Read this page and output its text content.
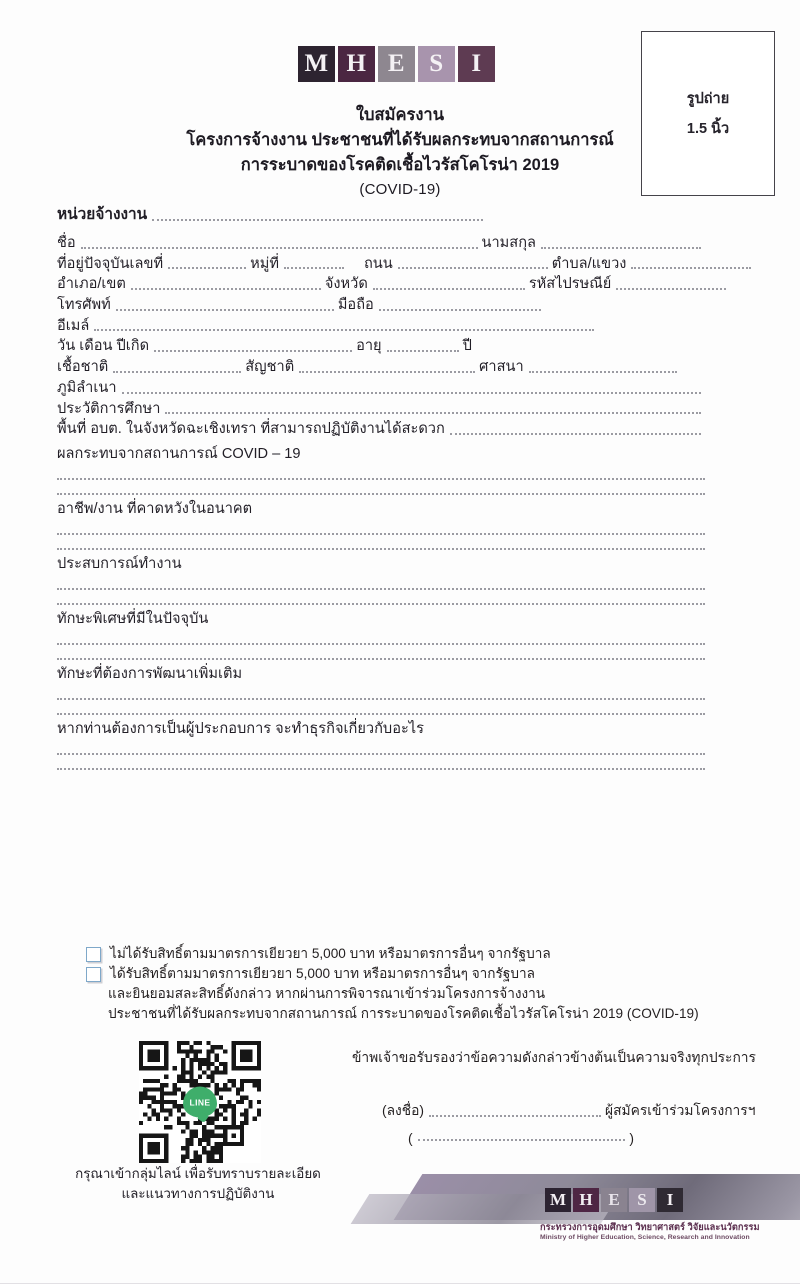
M H E S	I
ใบสมัครงาน
โครงการจ้างงาน ประชาชนที่ได้รับผลกระทบจากสถานการณ์
การระบาดของโรคติดเชื้อไวรัสโคโรน่า 2019
(COVID-19)
รูปถ่าย
1.5 นิ้ว
หน่วยจ้างงาน
ชื่อ	นามสกุล
ที่อยู่ปัจจุบันเลขที่	หมู่ที่	ถนน	ตำบล/แขวง
อำเภอ/เขต	จังหวัด	รหัสไปรษณีย์
โทรศัพท์	มือถือ
อีเมล์
วัน เดือน ปีเกิด	อายุ	ปี
เชื้อชาติ	สัญชาติ	ศาสนา
ภูมิลำเนา
ประวัติการศึกษา
พื้นที่ อบต. ในจังหวัดฉะเชิงเทรา ที่สามารถปฏิบัติงานได้สะดวก
ผลกระทบจากสถานการณ์ COVID – 19
อาชีพ/งาน ที่คาดหวังในอนาคต
ประสบการณ์ทำงาน
ทักษะพิเศษที่มีในปัจจุบัน
ทักษะที่ต้องการพัฒนาเพิ่มเติม
หากท่านต้องการเป็นผู้ประกอบการ จะทำธุรกิจเกี่ยวกับอะไร
ไม่ได้รับสิทธิ์ตามมาตรการเยียวยา 5,000 บาท หรือมาตรการอื่นๆ จากรัฐบาล
ได้รับสิทธิ์ตามมาตรการเยียวยา 5,000 บาท หรือมาตรการอื่นๆ จากรัฐบาล
และยินยอมสละสิทธิ์ดังกล่าว หากผ่านการพิจารณาเข้าร่วมโครงการจ้างงาน
ประชาชนที่ได้รับผลกระทบจากสถานการณ์ การระบาดของโรคติดเชื้อไวรัสโคโรน่า 2019 (COVID-19)
LINE
กรุณาเข้ากลุ่มไลน์ เพื่อรับทราบรายละเอียด
และแนวทางการปฏิบัติงาน
ข้าพเจ้าขอรับรองว่าข้อความดังกล่าวข้างต้นเป็นความจริงทุกประการ
(ลงชื่อ)	ผู้สมัครเข้าร่วมโครงการฯ
(	)
M H E	S	I
กระทรวงการอุดมศึกษา วิทยาศาสตร์ วิจัยและนวัตกรรม
Ministry of Higher Education, Science, Research and Innovation
